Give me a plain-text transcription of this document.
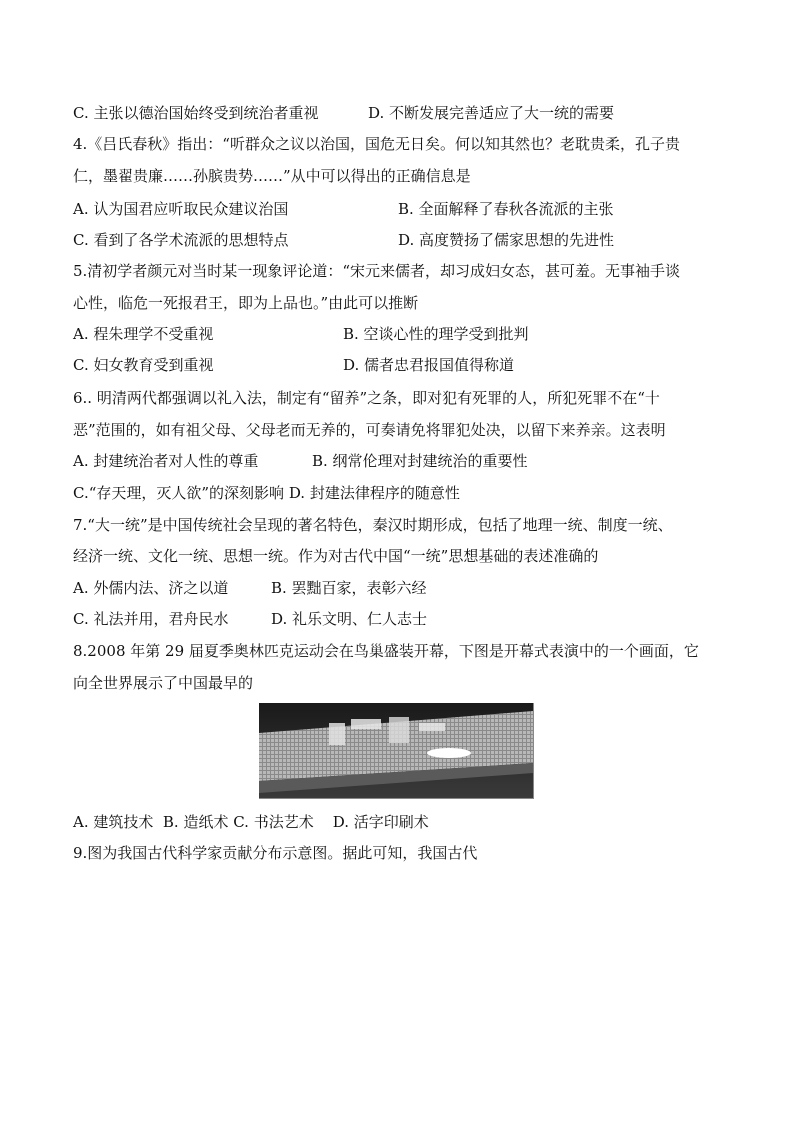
C. 主张以德治国始终受到统治者重视	D. 不断发展完善适应了大一统的需要
4.《吕氏春秋》指出：“听群众之议以治国，国危无日矣。何以知其然也？老耽贵柔，孔子贵
仁，墨翟贵廉……孙膑贵势……”从中可以得出的正确信息是
A. 认为国君应听取民众建议治国	B. 全面解释了春秋各流派的主张
C. 看到了各学术流派的思想特点	D. 高度赞扬了儒家思想的先进性
5.清初学者颜元对当时某一现象评论道：“宋元来儒者，却习成妇女态，甚可羞。无事袖手谈
心性，临危一死报君王，即为上品也。”由此可以推断
A. 程朱理学不受重视	B. 空谈心性的理学受到批判
C. 妇女教育受到重视	D. 儒者忠君报国值得称道
6.. 明清两代都强调以礼入法，制定有“留养”之条，即对犯有死罪的人，所犯死罪不在“十
恶”范围的，如有祖父母、父母老而无养的，可奏请免将罪犯处决，以留下来养亲。这表明
A. 封建统治者对人性的尊重	B. 纲常伦理对封建统治的重要性
C.“存天理，灭人欲”的深刻影响 D. 封建法律程序的随意性
7.“大一统”是中国传统社会呈现的著名特色，秦汉时期形成，包括了地理一统、制度一统、
经济一统、文化一统、思想一统。作为对古代中国“一统”思想基础的表述准确的
A. 外儒内法、济之以道	B. 罢黜百家，表彰六经
C. 礼法并用，君舟民水	D. 礼乐文明、仁人志士
8.2008 年第 29 届夏季奥林匹克运动会在鸟巢盛装开幕，下图是开幕式表演中的一个画面，它
向全世界展示了中国最早的
A. 建筑技术  B. 造纸术 C. 书法艺术    D. 活字印刷术
9.图为我国古代科学家贡献分布示意图。据此可知，我国古代
